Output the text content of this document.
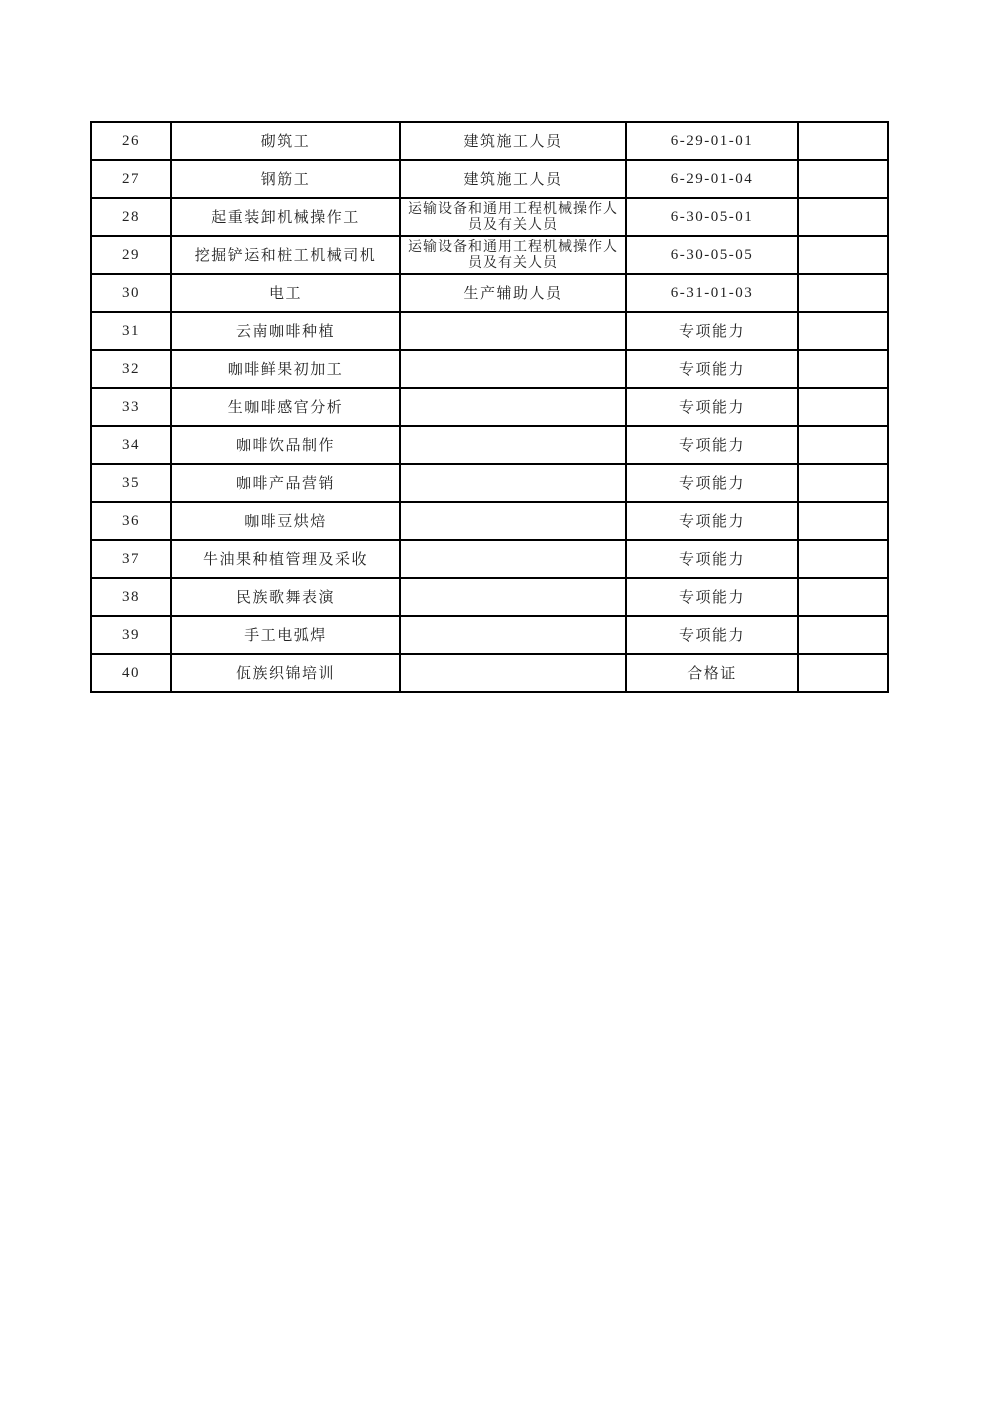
26	砌筑工	建筑施工人员	6-29-01-01	
27	钢筋工	建筑施工人员	6-29-01-04	
28	起重装卸机械操作工	运输设备和通用工程机械操作人员及有关人员	6-30-05-01	
29	挖掘铲运和桩工机械司机	运输设备和通用工程机械操作人员及有关人员	6-30-05-05	
30	电工	生产辅助人员	6-31-01-03	
31	云南咖啡种植		专项能力	
32	咖啡鲜果初加工		专项能力	
33	生咖啡感官分析		专项能力	
34	咖啡饮品制作		专项能力	
35	咖啡产品营销		专项能力	
36	咖啡豆烘焙		专项能力	
37	牛油果种植管理及采收		专项能力	
38	民族歌舞表演		专项能力	
39	手工电弧焊		专项能力	
40	佤族织锦培训		合格证	
